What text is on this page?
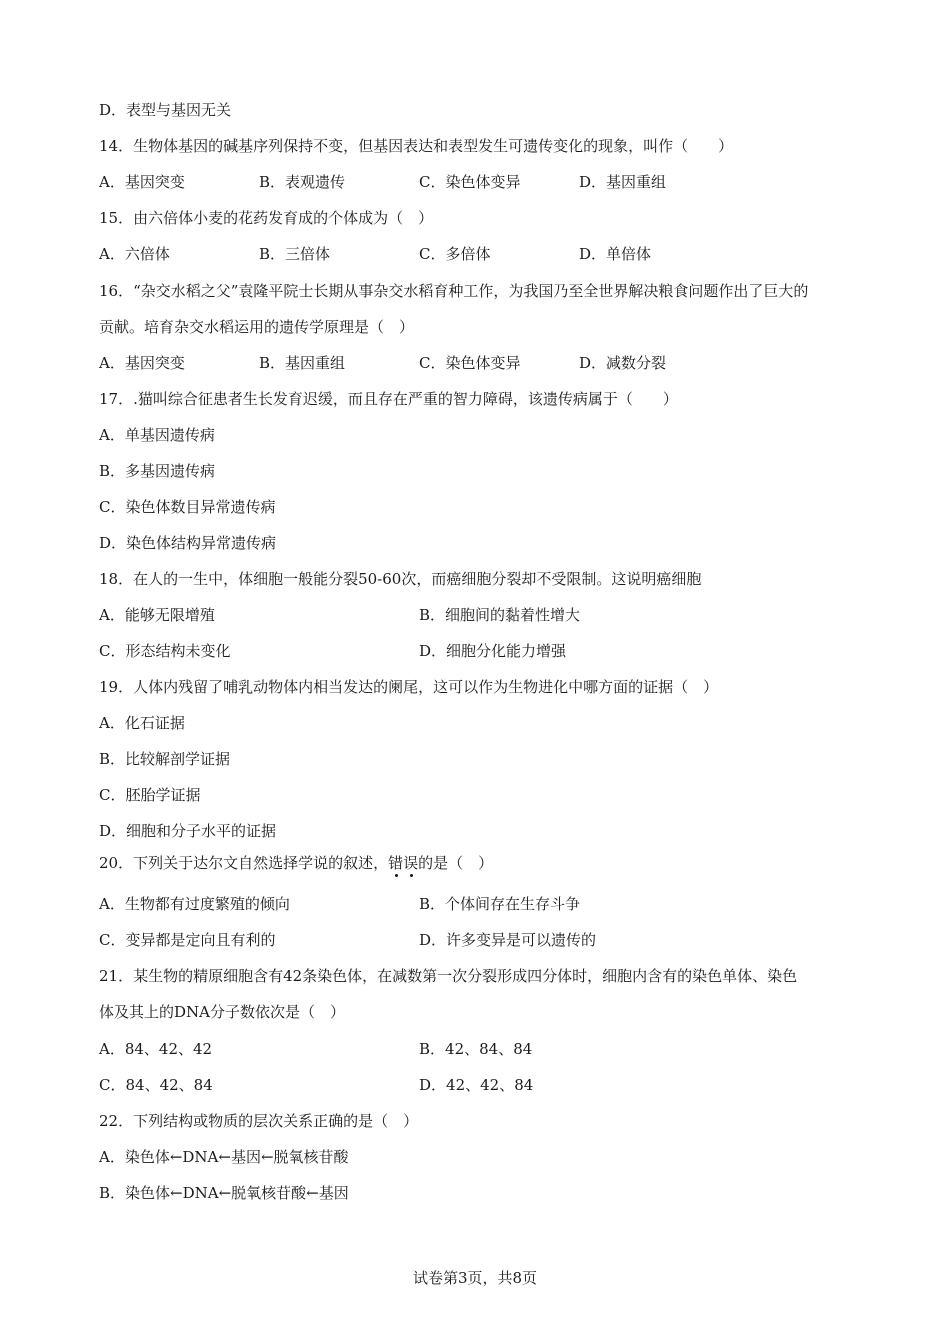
D．表型与基因无关
14．生物体基因的碱基序列保持不变，但基因表达和表型发生可遗传变化的现象，叫作（　　）
A．基因突变	B．表观遗传	C．染色体变异	D．基因重组
15．由六倍体小麦的花药发育成的个体成为（　）
A．六倍体	B．三倍体	C．多倍体	D．单倍体
16．“杂交水稻之父”袁隆平院士长期从事杂交水稻育种工作，为我国乃至全世界解决粮食问题作出了巨大的
贡献。培育杂交水稻运用的遗传学原理是（　）
A．基因突变	B．基因重组	C．染色体变异	D．减数分裂
17．.猫叫综合征患者生长发育迟缓，而且存在严重的智力障碍，该遗传病属于（　　）
A．单基因遗传病
B．多基因遗传病
C．染色体数目异常遗传病
D．染色体结构异常遗传病
18．在人的一生中，体细胞一般能分裂50-60次，而癌细胞分裂却不受限制。这说明癌细胞
A．能够无限增殖	B．细胞间的黏着性增大
C．形态结构未变化	D．细胞分化能力增强
19．人体内残留了哺乳动物体内相当发达的阑尾，这可以作为生物进化中哪方面的证据（　）
A．化石证据
B．比较解剖学证据
C．胚胎学证据
D．细胞和分子水平的证据
20．下列关于达尔文自然选择学说的叙述，错误的是（　）
A．生物都有过度繁殖的倾向	B．个体间存在生存斗争
C．变异都是定向且有利的	D．许多变异是可以遗传的
21．某生物的精原细胞含有42条染色体，在减数第一次分裂形成四分体时，细胞内含有的染色单体、染色
体及其上的DNA分子数依次是（　）
A．84、42、42	B．42、84、84
C．84、42、84	D．42、42、84
22．下列结构或物质的层次关系正确的是（　）
A．染色体←DNA←基因←脱氧核苷酸
B．染色体←DNA←脱氧核苷酸←基因
试卷第3页，共8页
